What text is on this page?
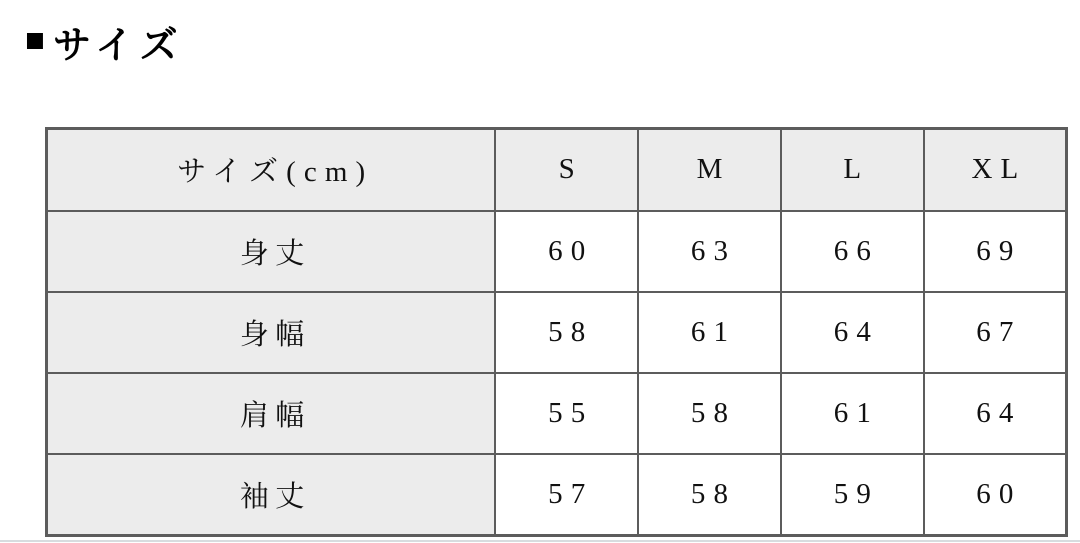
■ サイズ
サイズ(cm)	S	M	L	XL
身丈	60	63	66	69
身幅	58	61	64	67
肩幅	55	58	61	64
袖丈	57	58	59	60
